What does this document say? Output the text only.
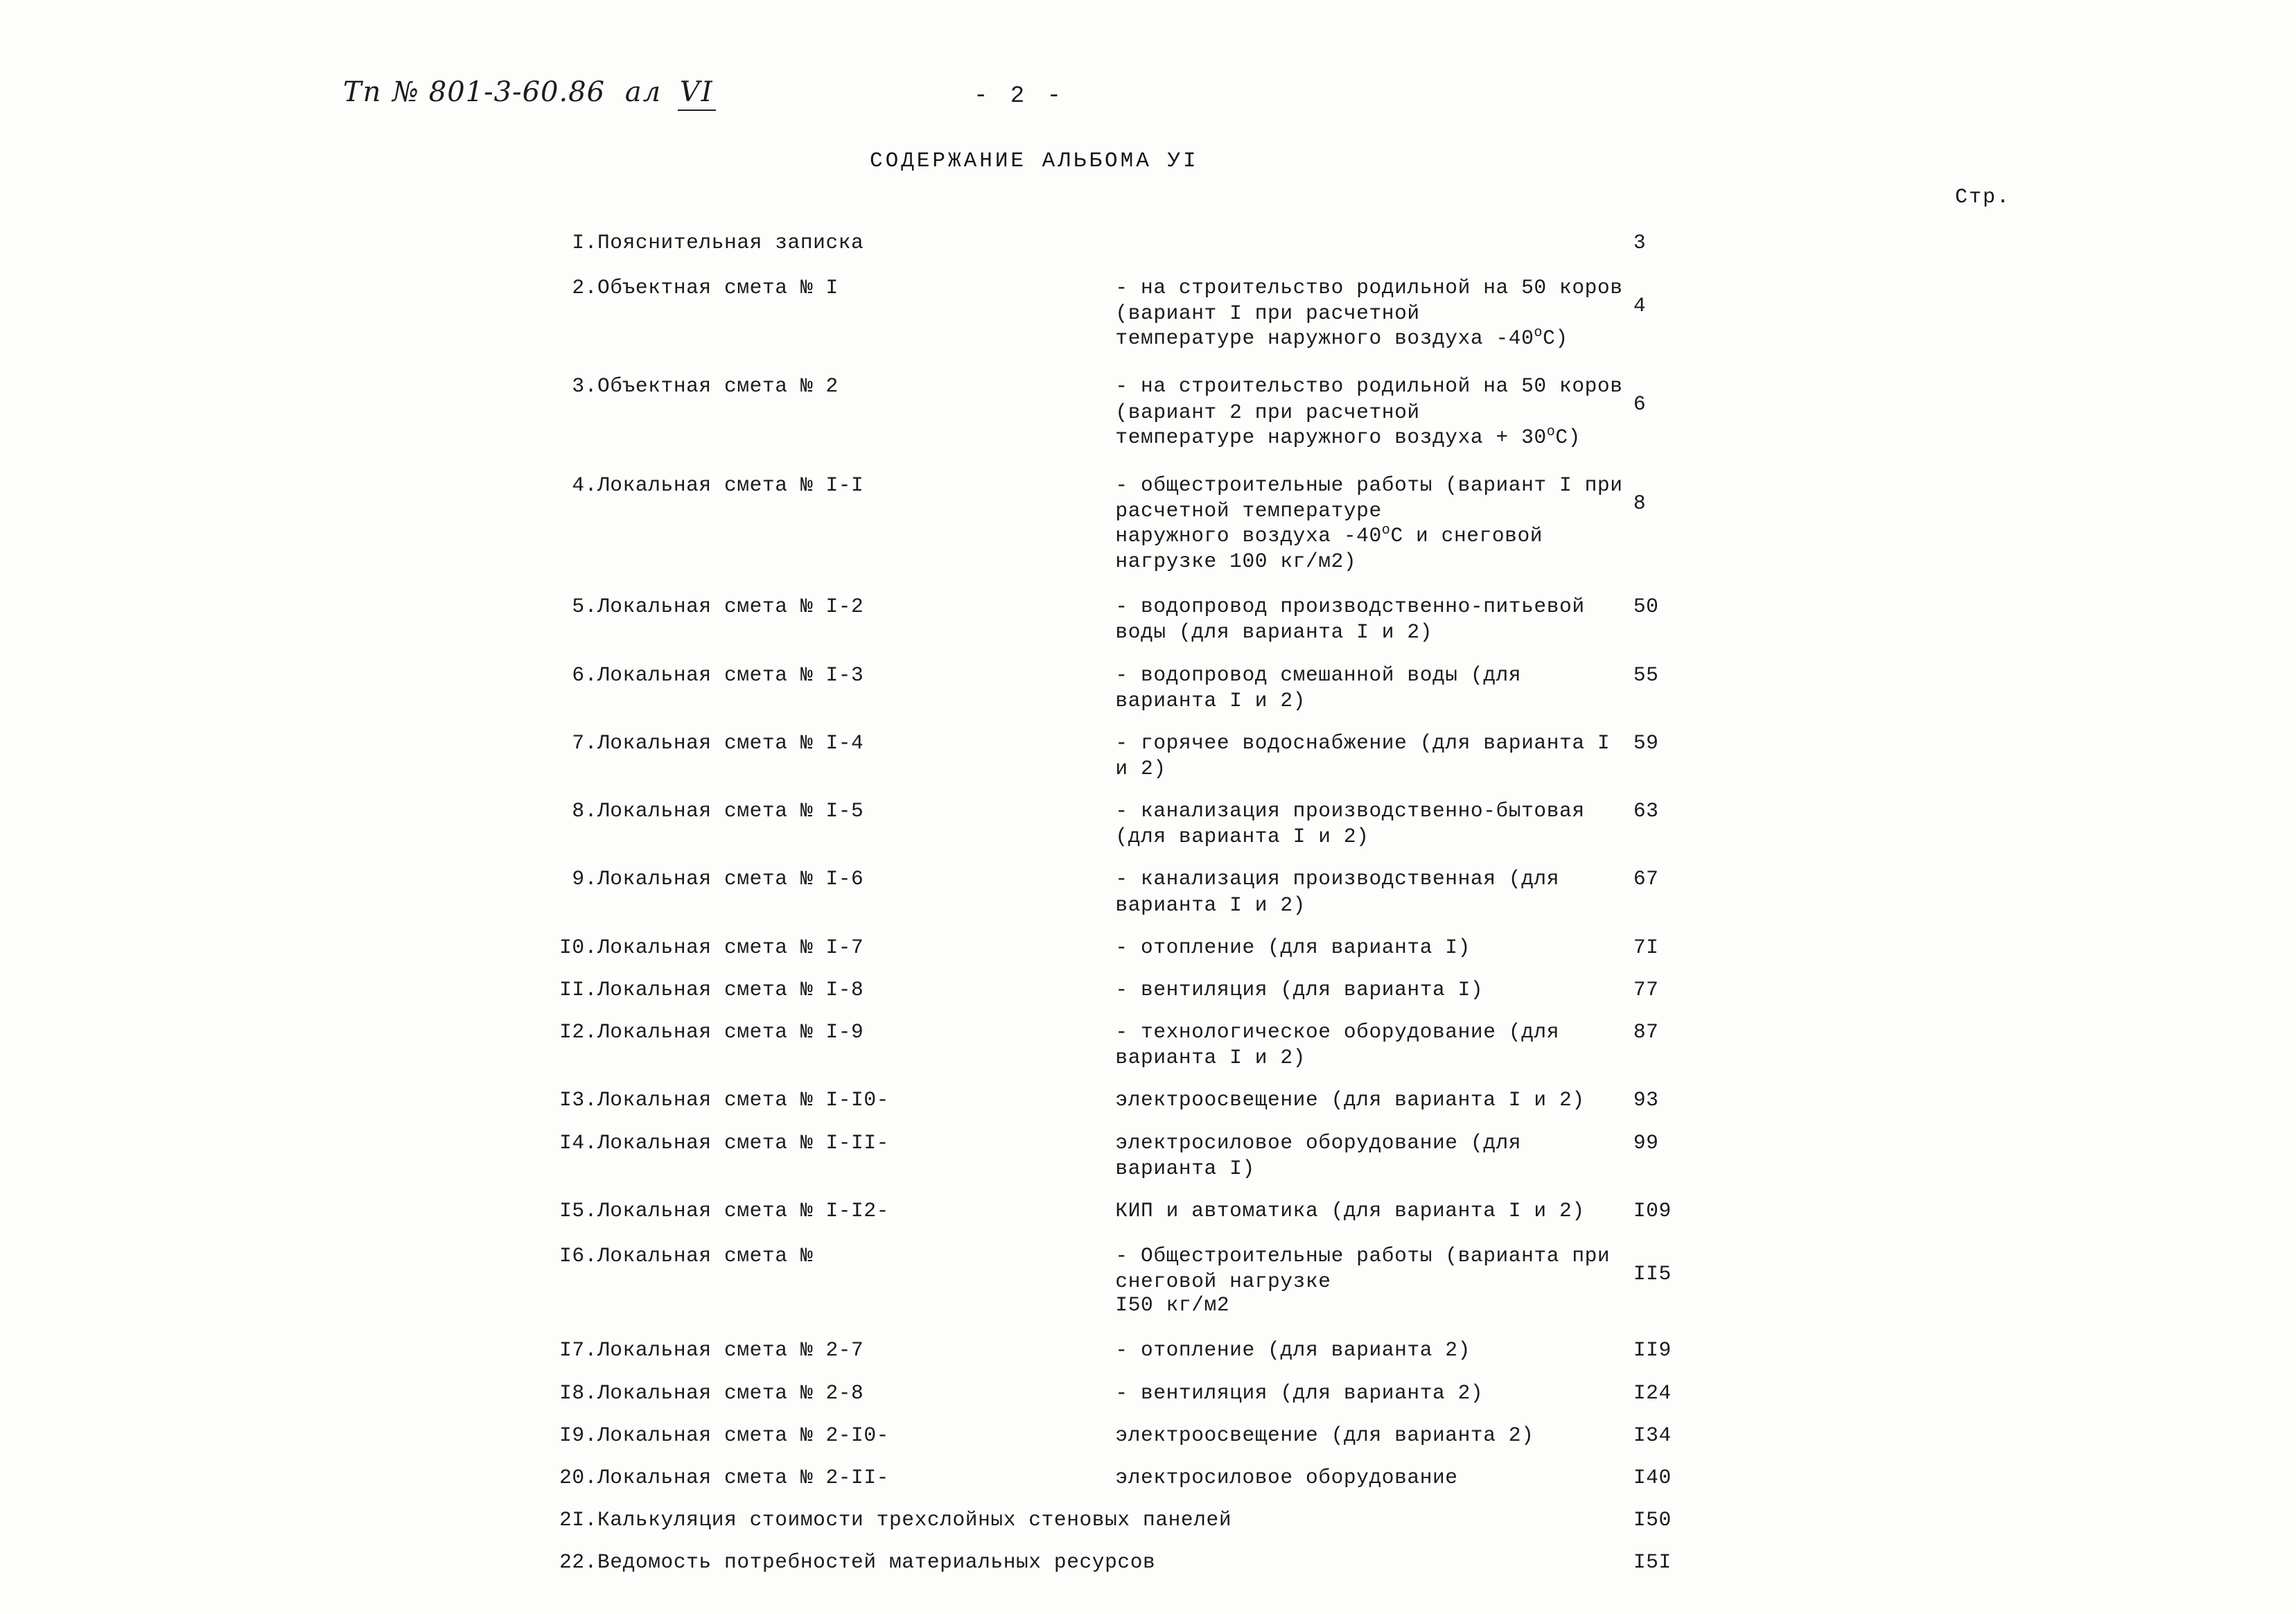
Тп № 801-3-60.86 ал VI	- 2 -
СОДЕРЖАНИЕ АЛЬБОМА УI
Стр.
I.	Пояснительная записка		3
2.	Объектная смета № I	- на строительство родильной на 50 коров (вариант I при расчетной
температуре наружного воздуха -40$^o$С)	4
3.	Объектная смета № 2	- на строительство родильной на 50 коров (вариант 2 при расчетной
температуре наружного воздуха + $30^oС$)	6
4.	Локальная смета № I-I	- общестроительные работы (вариант I при расчетной температуре
наружного воздуха -40$^o$С и снеговой нагрузке 100 кг/м2)	8
5.	Локальная смета № I-2	- водопровод производственно-питьевой воды (для варианта I и 2)	50
6.	Локальная смета № I-3	- водопровод смешанной воды (для варианта I и 2)	55
7.	Локальная смета № I-4	- горячее водоснабжение (для варианта I и 2)	59
8.	Локальная смета № I-5	- канализация производственно-бытовая (для варианта I и 2)	63
9.	Локальная смета № I-6	- канализация производственная (для варианта I и 2)	67
I0.	Локальная смета № I-7	- отопление (для варианта I)	7I
II.	Локальная смета № I-8	- вентиляция (для варианта I)	77
I2.	Локальная смета № I-9	- технологическое оборудование (для варианта I и 2)	87
I3.	Локальная смета № I-I0-	электроосвещение (для варианта I и 2)	93
I4.	Локальная смета № I-II-	электросиловое оборудование (для варианта I)	99
I5.	Локальная смета № I-I2-	КИП и автоматика (для варианта I и 2)	I09
I6.	Локальная смета №	- Общестроительные работы (варианта при снеговой нагрузке
I50 кг/м2	II5
I7.	Локальная смета № 2-7	- отопление (для варианта 2)	II9
I8.	Локальная смета № 2-8	- вентиляция (для варианта 2)	I24
I9.	Локальная смета № 2-I0-	электроосвещение (для варианта 2)	I34
20.	Локальная смета № 2-II-	электросиловое оборудование	I40
2I.	Калькуляция стоимости трехслойных стеновых панелей		I50
22.	Ведомость потребностей материальных ресурсов		I5I
